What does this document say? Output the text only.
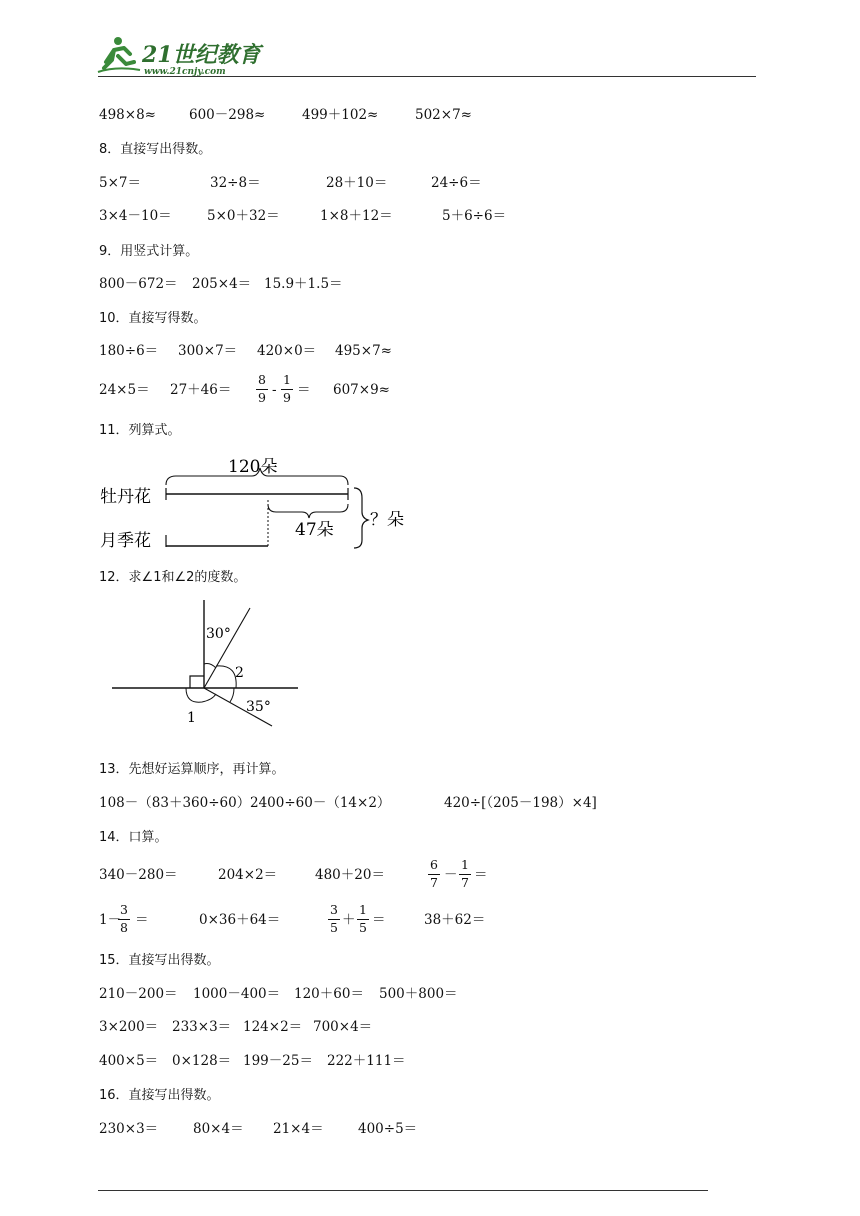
21世纪教育
www.21cnjy.com
498×8≈ 600－298≈	499＋102≈	502×7≈
8．直接写出得数。
5×7＝	32÷8＝	28＋10＝	24÷6＝
3×4－10＝	5×0＋32＝	1×8＋12＝	5＋6÷6＝
9．用竖式计算。
800－672＝ 205×4＝ 15.9＋1.5＝
10．直接写得数。
180÷6＝ 300×7＝ 420×0＝ 495×7≈
$24\times 5= 27+46= \frac{8}{9} - \frac{1}{9} = 607\times 9\approx$
11．列算式。
120朵
牡丹花
月季花
47朵 ？朵
12．求∠1和∠2的度数。
30°
2
1
35°
13．先想好运算顺序，再计算。
108－（83＋360÷60） 2400÷60－（14×2）	420÷[（205－198）×4]
14．口算。
340－280＝	204×2＝	480＋20＝	$\frac{6}{7} - \frac{1}{7}$ ＝
1－
$\frac{3}{8}$ ＝	0×36＋64＝	$\frac{3}{5} + \frac{1}{5}$ ＝	38＋62＝
15．直接写出得数。
210－200＝ 1000－400＝ 120＋60＝ 500＋800＝
3×200＝ 233×3＝ 124×2＝ 700×4＝
400×5＝ 0×128＝ 199－25＝ 222＋111＝
16．直接写出得数。
230×3＝	80×4＝ 21×4＝	400÷5＝
